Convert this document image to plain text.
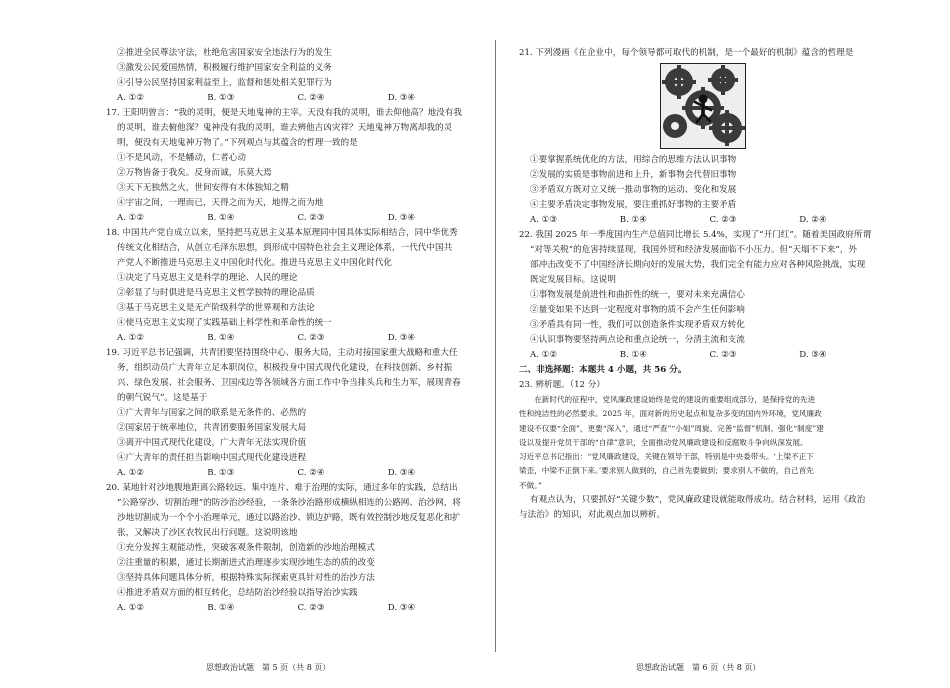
②推进全民尊法守法，杜绝危害国家安全违法行为的发生
③激发公民爱国热情，积极履行维护国家安全利益的义务
④引导公民坚持国家利益至上，监督和惩处相关犯罪行为
A. ①②	B. ①③	C. ②④	D. ③④
17. 王阳明曾言：“我的灵明，便是天地鬼神的主宰。天没有我的灵明，谁去仰他高？地没有我
的灵明，谁去俯他深？鬼神没有我的灵明，谁去辨他吉凶灾祥？天地鬼神万物离却我的灵
明，便没有天地鬼神万物了。”下列观点与其蕴含的哲理一致的是
①不是风动，不是幡动，仁者心动
②万物皆备于我矣。反身而诚，乐莫大焉
③天下无独然之火，世间安得有木体独知之精
④宇宙之间，一理而已，天得之而为天，地得之而为地
A. ①②	B. ①④	C. ②③	D. ③④
18. 中国共产党自成立以来，坚持把马克思主义基本原理同中国具体实际相结合，同中华优秀
传统文化相结合，从创立毛泽东思想，到形成中国特色社会主义理论体系，一代代中国共
产党人不断推进马克思主义中国化时代化。推进马克思主义中国化时代化
①决定了马克思主义是科学的理论、人民的理论
②彰显了与时俱进是马克思主义哲学独特的理论品质
③基于马克思主义是无产阶级科学的世界观和方法论
④使马克思主义实现了实践基础上科学性和革命性的统一
A. ①②	B. ①④	C. ②③	D. ③④
19. 习近平总书记强调，共青团要坚持围绕中心、服务大局，主动对接国家重大战略和重大任
务，组织动员广大青年立足本职岗位，积极投身中国式现代化建设，在科技创新、乡村振
兴、绿色发展、社会服务、卫国戍边等各领域各方面工作中争当排头兵和生力军，展现青春
的朝气锐气”。这是基于
①广大青年与国家之间的联系是无条件的、必然的
②国家居于统率地位，共青团要服务国家发展大局
③离开中国式现代化建设，广大青年无法实现价值
④广大青年的责任担当影响中国式现代化建设进程
A. ①②	B. ①③	C. ②④	D. ③④
20. 某地针对沙地腹地距离公路较远、集中连片、难于治理的实际，通过多年的实践，总结出
“公路穿沙、切割治理”的防沙治沙经验，一条条沙治路形成横纵相连的公路网、治沙网，将
沙地切割成为一个个小治理单元，通过以路治沙、锁边护路，既有效控制沙地反复恶化和扩
张，又解决了沙区农牧民出行问题。这说明该地
①充分发挥主观能动性，突破客观条件限制，创造新的沙地治理模式
②注重量的积累，通过长期渐进式治理逐步实现沙地生态的质的改变
③坚持具体问题具体分析，根据特殊实际探索更具针对性的治沙方法
④推进矛盾双方面的相互转化，总结防治沙经验以指导治沙实践
A. ①②	B. ①④	C. ②③	D. ③④
21. 下列漫画《在企业中，每个领导都可取代的机制，是一个最好的机制》蕴含的哲理是
①要掌握系统优化的方法，用综合的思维方法认识事物
②发展的实质是事物前进和上升，新事物会代替旧事物
③矛盾双方既对立又统一推动事物的运动、变化和发展
④主要矛盾决定事物发展，要注重抓好事物的主要矛盾
A. ①③	B. ①④	C. ②③	D. ②④
22. 我国 2025 年一季度国内生产总值同比增长 5.4%，实现了“开门红”。随着美国政府所谓
“对等关税”的危害持续显现，我国外贸和经济发展面临不小压力。但“天塌不下来”，外
部冲击改变不了中国经济长期向好的发展大势，我们完全有能力应对各种风险挑战，实现
既定发展目标。这说明
①事物发展是前进性和曲折性的统一，要对未来充满信心
②量变如果不达到一定程度对事物的质不会产生任何影响
③矛盾具有同一性，我们可以创造条件实现矛盾双方转化
④认识事物要坚持两点论和重点论统一，分清主流和支流
A. ①②	B. ①④	C. ②③	D. ③④
二、非选择题：本题共 4 小题，共 56 分。
23. 辨析题。（12 分）
在新时代的征程中，党风廉政建设始终是党的建设的重要组成部分，是保持党的先进
性和纯洁性的必然要求。2025 年，面对新的历史起点和复杂多变的国内外环境，党风廉政
建设不仅要“全面”，更要“深入”，通过“严查”“小姐”周旋、完善“监督”机制、强化“制度”建
设以及提升党员干部的“自律”意识，全面推动党风廉政建设和反腐败斗争向纵深发展。
习近平总书记指出：“党风廉政建设，关键在领导干部，特别是中央委带头。‘上梁不正下
梁歪，中梁不正倒下来。’要求别人做到的，自己首先要做到；要求别人不做的，自己首先
不做。”
有观点认为，只要抓好“关键少数”，党风廉政建设就能取得成功。结合材料，运用《政治
与法治》的知识，对此观点加以辨析。
思想政治试题　第 5 页（共 8 页）	思想政治试题　第 6 页（共 8 页）
